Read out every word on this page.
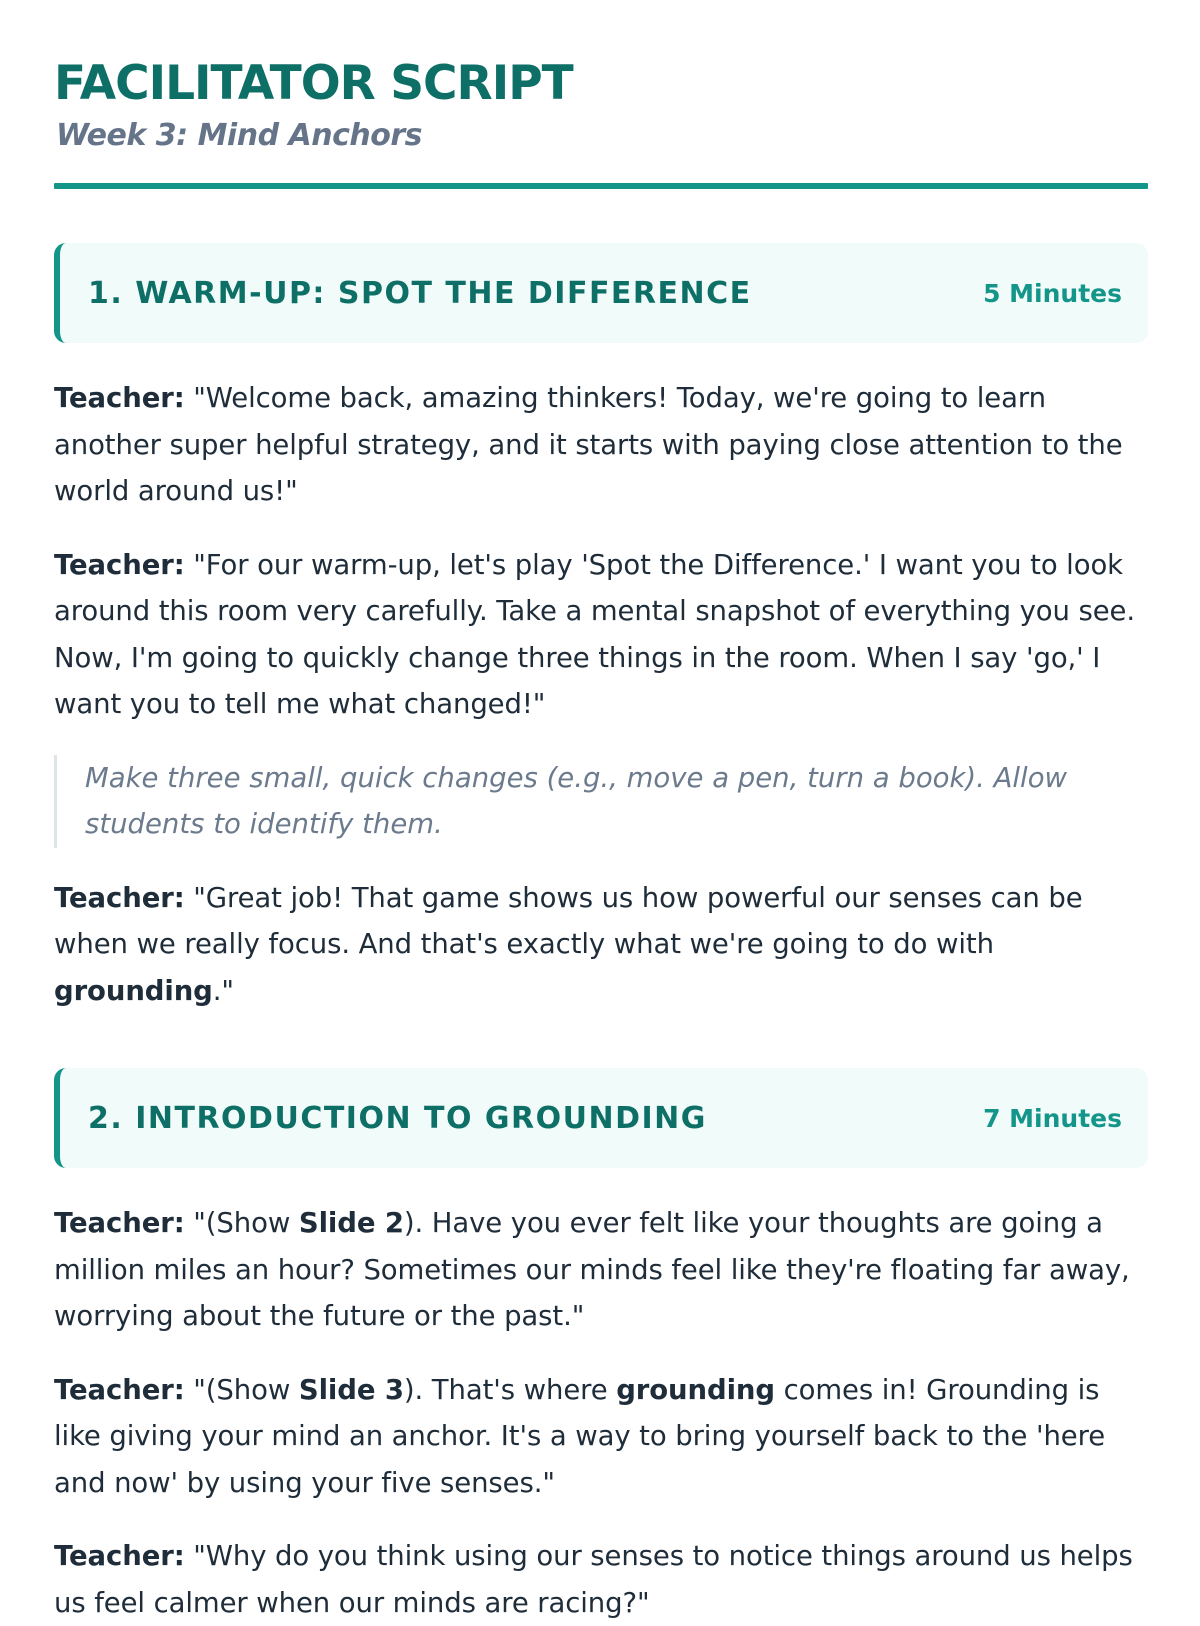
FACILITATOR SCRIPT
Week 3: Mind Anchors
1. WARM-UP: SPOT THE DIFFERENCE	5 Minutes

Teacher: "Welcome back, amazing thinkers! Today, we're going to learn another super helpful strategy, and it starts with paying close attention to the world around us!"

Teacher: "For our warm-up, let's play 'Spot the Difference.' I want you to look around this room very carefully. Take a mental snapshot of everything you see. Now, I'm going to quickly change three things in the room. When I say 'go,' I want you to tell me what changed!"

Make three small, quick changes (e.g., move a pen, turn a book). Allow students to identify them.

Teacher: "Great job! That game shows us how powerful our senses can be when we really focus. And that's exactly what we're going to do with grounding."

2. INTRODUCTION TO GROUNDING	7 Minutes

Teacher: "(Show Slide 2). Have you ever felt like your thoughts are going a million miles an hour? Sometimes our minds feel like they're floating far away, worrying about the future or the past."

Teacher: "(Show Slide 3). That's where grounding comes in! Grounding is like giving your mind an anchor. It's a way to bring yourself back to the 'here and now' by using your five senses."

Teacher: "Why do you think using our senses to notice things around us helps us feel calmer when our minds are racing?"
